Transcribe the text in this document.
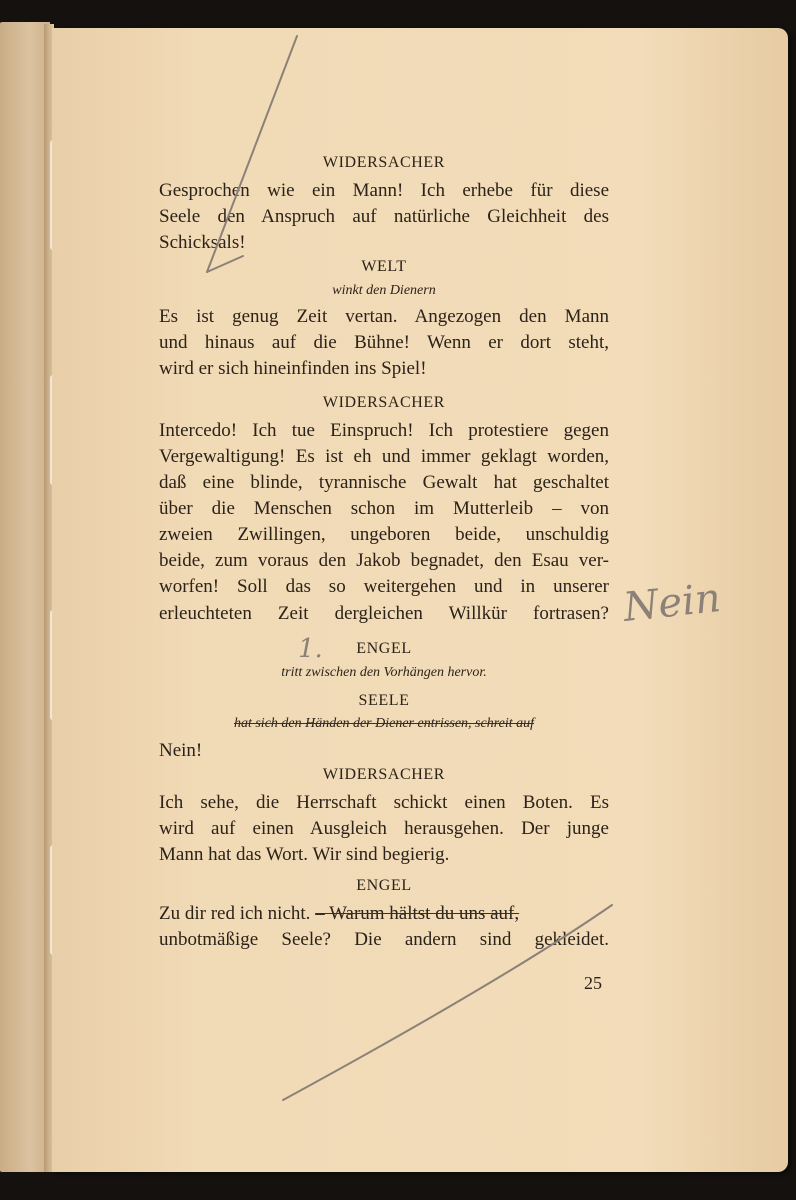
WIDERSACHER
Gesprochen wie ein Mann! Ich erhebe für diese
Seele den Anspruch auf natürliche Gleichheit des
Schicksals!
WELT
winkt den Dienern
Es ist genug Zeit vertan. Angezogen den Mann
und hinaus auf die Bühne! Wenn er dort steht,
wird er sich hineinfinden ins Spiel!
WIDERSACHER
Intercedo! Ich tue Einspruch! Ich protestiere gegen
Vergewaltigung! Es ist eh und immer geklagt worden,
daß eine blinde, tyrannische Gewalt hat geschaltet
über die Menschen schon im Mutterleib – von
zweien Zwillingen, ungeboren beide, unschuldig
beide, zum voraus den Jakob begnadet, den Esau ver-
worfen! Soll das so weitergehen und in unserer
erleuchteten Zeit dergleichen Willkür fortrasen?
ENGEL
tritt zwischen den Vorhängen hervor.
SEELE
hat sich den Händen der Diener entrissen, schreit auf
Nein!
WIDERSACHER
Ich sehe, die Herrschaft schickt einen Boten. Es
wird auf einen Ausgleich herausgehen. Der junge
Mann hat das Wort. Wir sind begierig.
ENGEL
Zu dir red ich nicht. – Warum hältst du uns auf,
unbotmäßige Seele? Die andern sind gekleidet.
25
Nein
1.
